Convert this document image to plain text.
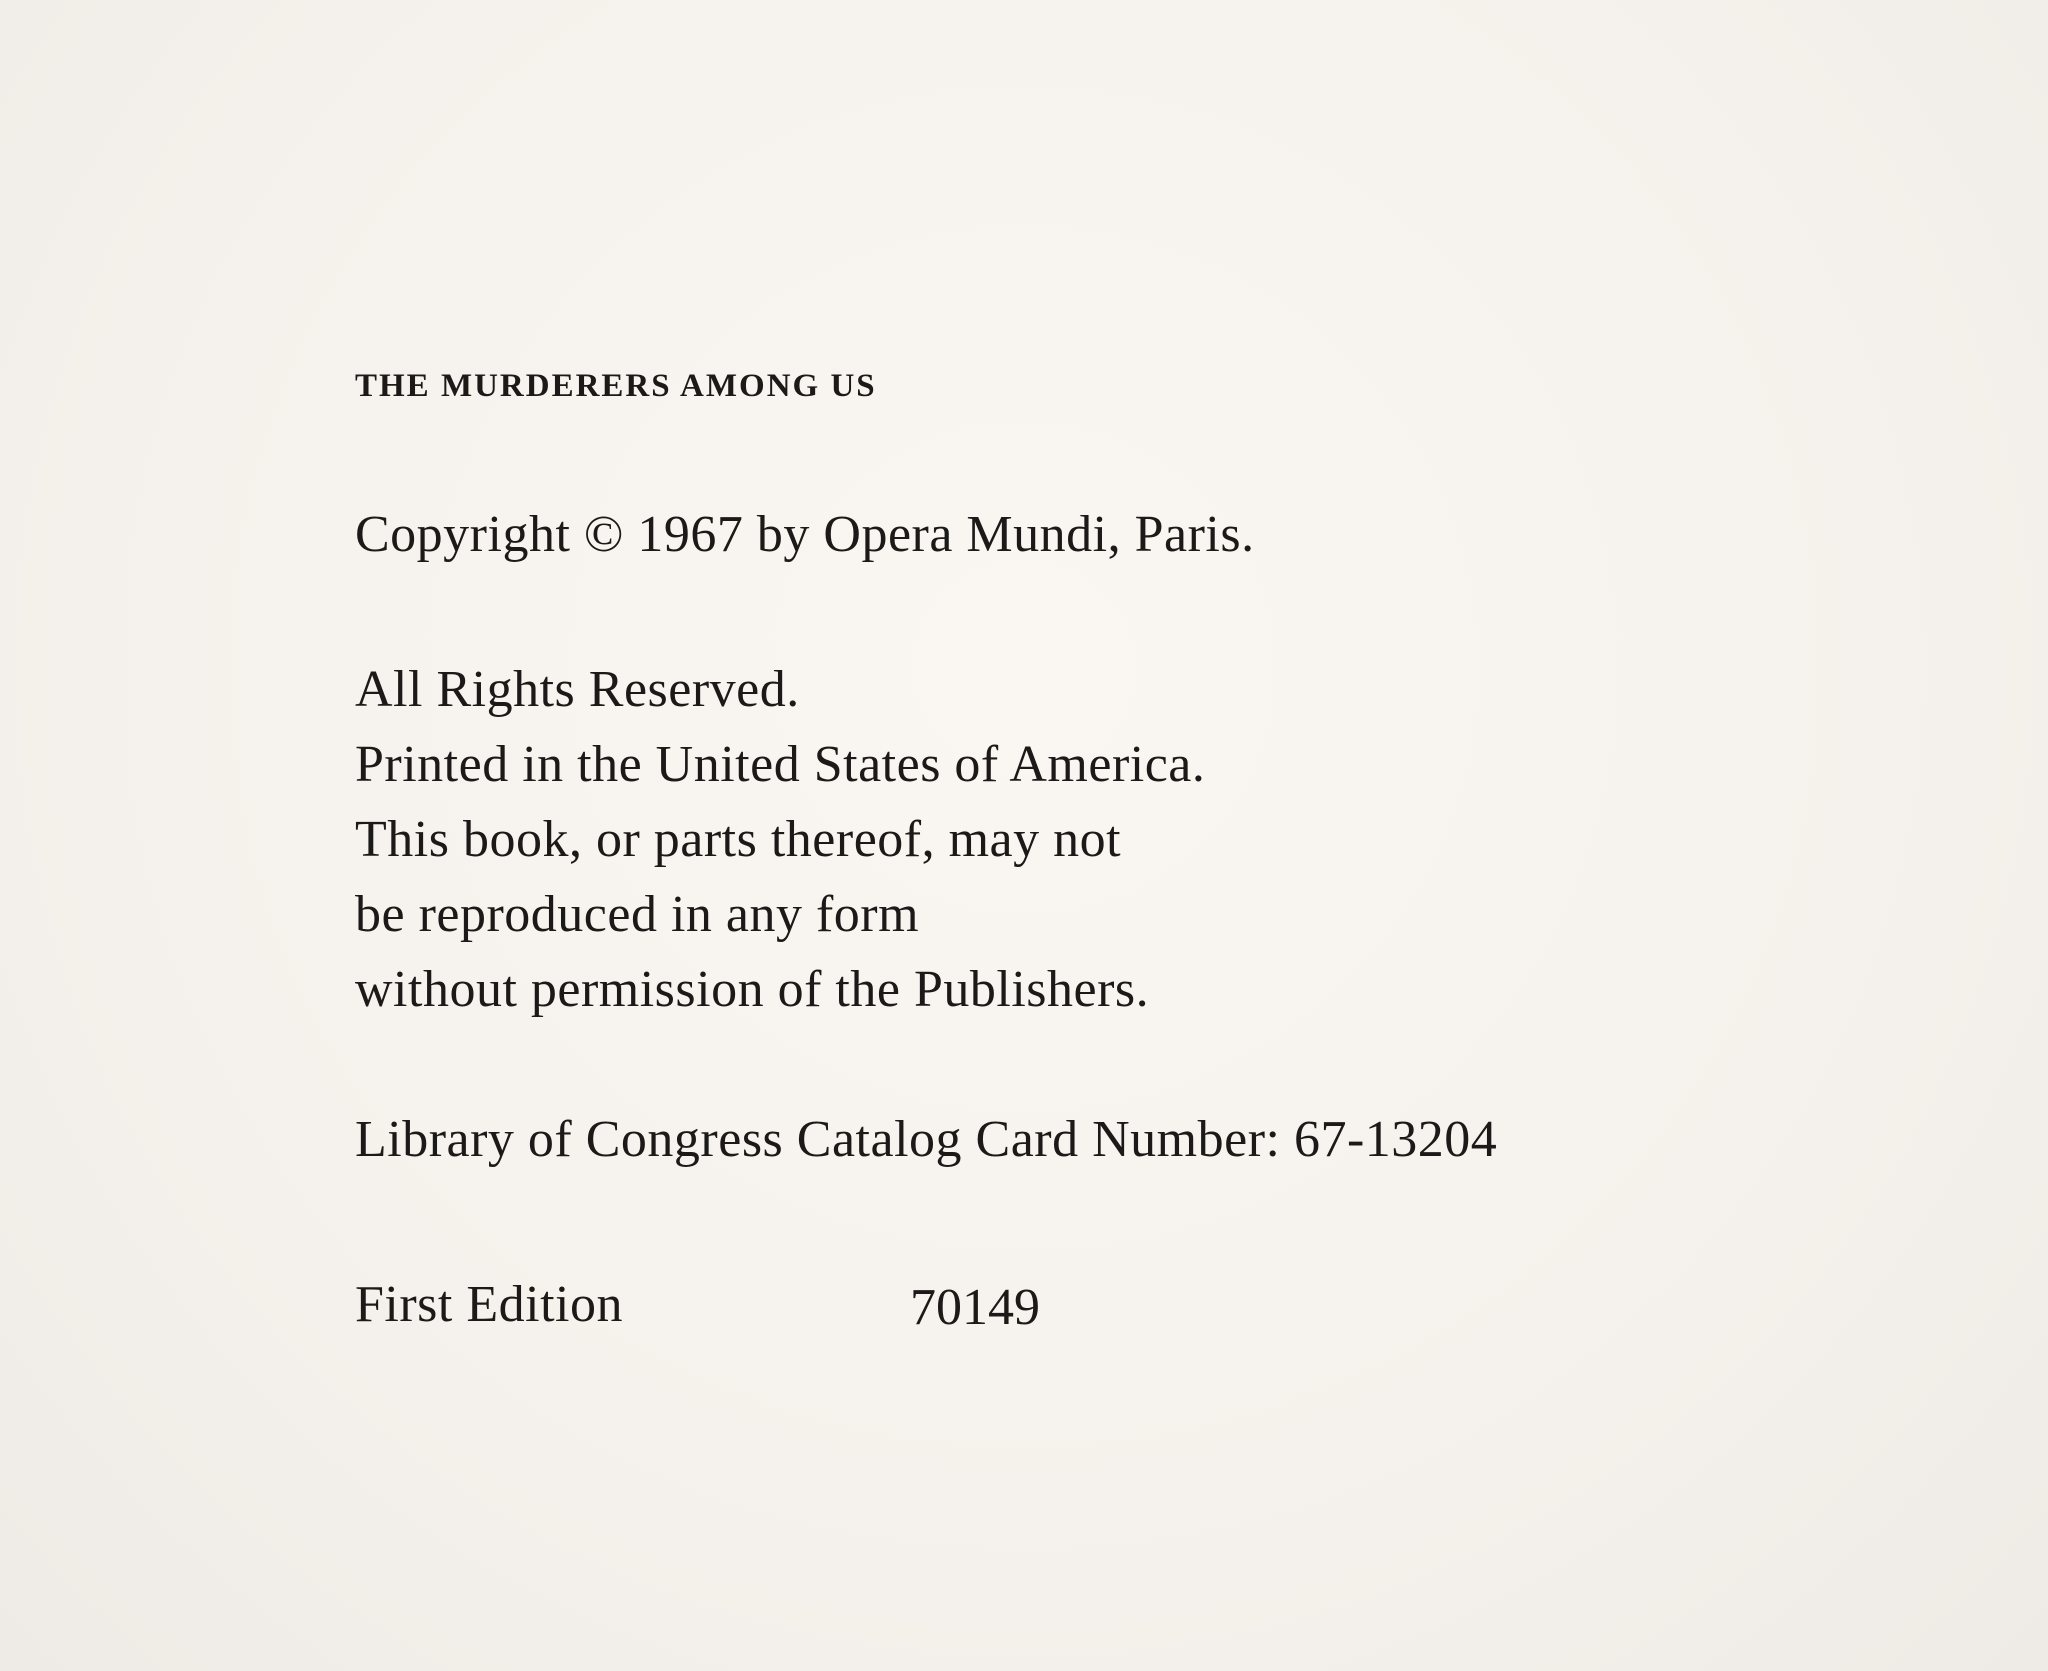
THE MURDERERS AMONG US
Copyright © 1967 by Opera Mundi, Paris.
All Rights Reserved.
Printed in the United States of America.
This book, or parts thereof, may not
be reproduced in any form
without permission of the Publishers.
Library of Congress Catalog Card Number: 67-13204
First Edition	70149
